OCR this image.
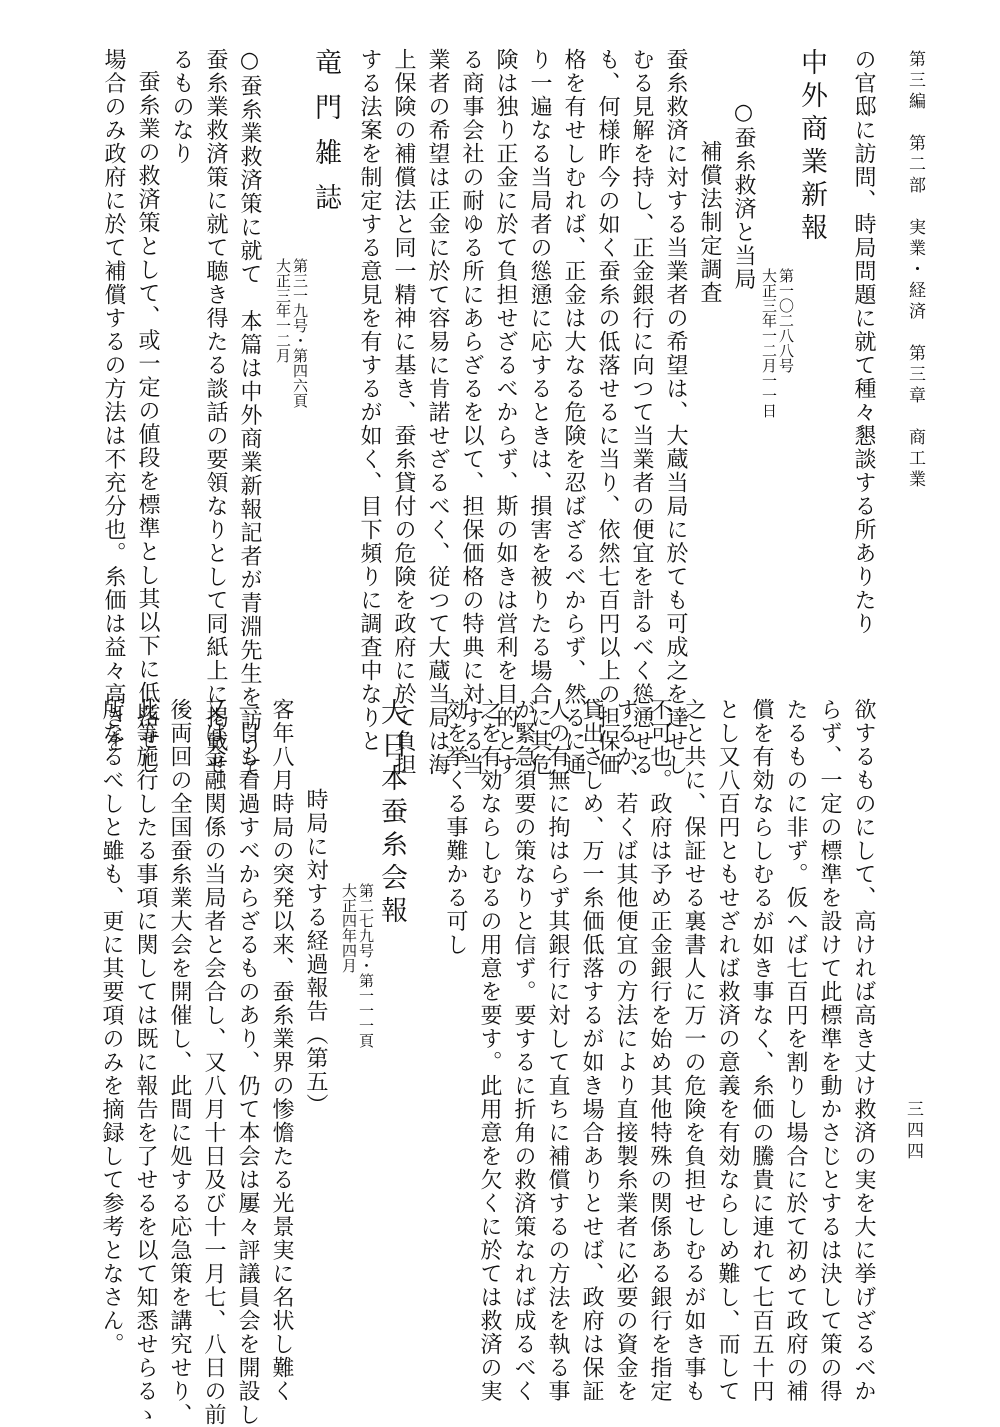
第三編　第二部　実業・経済　第三章　商工業
三四四
の官邸に訪問、時局問題に就て種々懇談する所ありたり
中外商業新報
第一〇二八八号
大正三年一二月一一日
○蚕糸救済と当局
補償法制定調査
蚕糸救済に対する当業者の希望は、大蔵当局に於ても可成之を達せし
むる見解を持し、正金銀行に向つて当業者の便宜を計るべく慫慂せる
も、何様昨今の如く蚕糸の低落せるに当り、依然七百円以上の担保価
格を有せしむれば、正金は大なる危険を忍ばざるべからず、然るに通
り一遍なる当局者の慫慂に応するときは、損害を被りたる場合に其危
険は独り正金に於て負担せざるべからず、斯の如きは営利を目的とす
る商事会社の耐ゆる所にあらざるを以て、担保価格の特典に対する当
業者の希望は正金に於て容易に肯諾せざるべく、従つて大蔵当局は海
上保険の補償法と同一精神に基き、蚕糸貸付の危険を政府に於て負担
する法案を制定する意見を有するが如く、目下頻りに調査中なりと
竜門雑誌
第三一九号・第四六頁
大正三年一二月
○蚕糸業救済策に就て　本篇は中外商業新報記者が青淵先生を訪うて
蚕糸業救済策に就て聴き得たる談話の要領なりとして同紙上に掲載せ
るものなり
蚕糸業の救済策として、或一定の値段を標準とし其以下に低落せし
場合のみ政府に於て補償するの方法は不充分也。糸価は益々高きを
欲するものにして、高ければ高き丈け救済の実を大に挙げざるべか
らず、一定の標準を設けて此標準を動かさじとするは決して策の得
たるものに非ず。仮へば七百円を割りし場合に於て初めて政府の補
償を有効ならしむるが如き事なく、糸価の騰貴に連れて七百五十円
とし又八百円ともせざれば救済の意義を有効ならしめ難し、而して
之と共に、保証せる裏書人に万一の危険を負担せしむるが如き事も
不可也。政府は予め正金銀行を始め其他特殊の関係ある銀行を指定
するか、若くば其他便宜の方法により直接製糸業者に必要の資金を
貸出さしめ、万一糸価低落するが如き場合ありとせば、政府は保証
人の有無に拘はらず其銀行に対して直ちに補償するの方法を執る事
が緊急須要の策なりと信ず。要するに折角の救済策なれば成るべく
之を有効ならしむるの用意を要す。此用意を欠くに於ては救済の実
効を挙くる事難かる可し
大日本蚕糸会報
第二七九号・第一一一頁
大正四年四月
時局に対する経過報告（第五）
客年八月時局の突発以来、蚕糸業界の惨憺たる光景実に名状し難く
一日も看過すべからざるものあり、仍て本会は屢々評議員会を開設し
又は金融関係の当局者と会合し、又八月十日及び十一月七、八日の前
後両回の全国蚕糸業大会を開催し、此間に処する応急策を講究せり、
此等施行したる事項に関しては既に報告を了せるを以て知悉せらるゝ
所なるべしと雖も、更に其要項のみを摘録して参考となさん。
